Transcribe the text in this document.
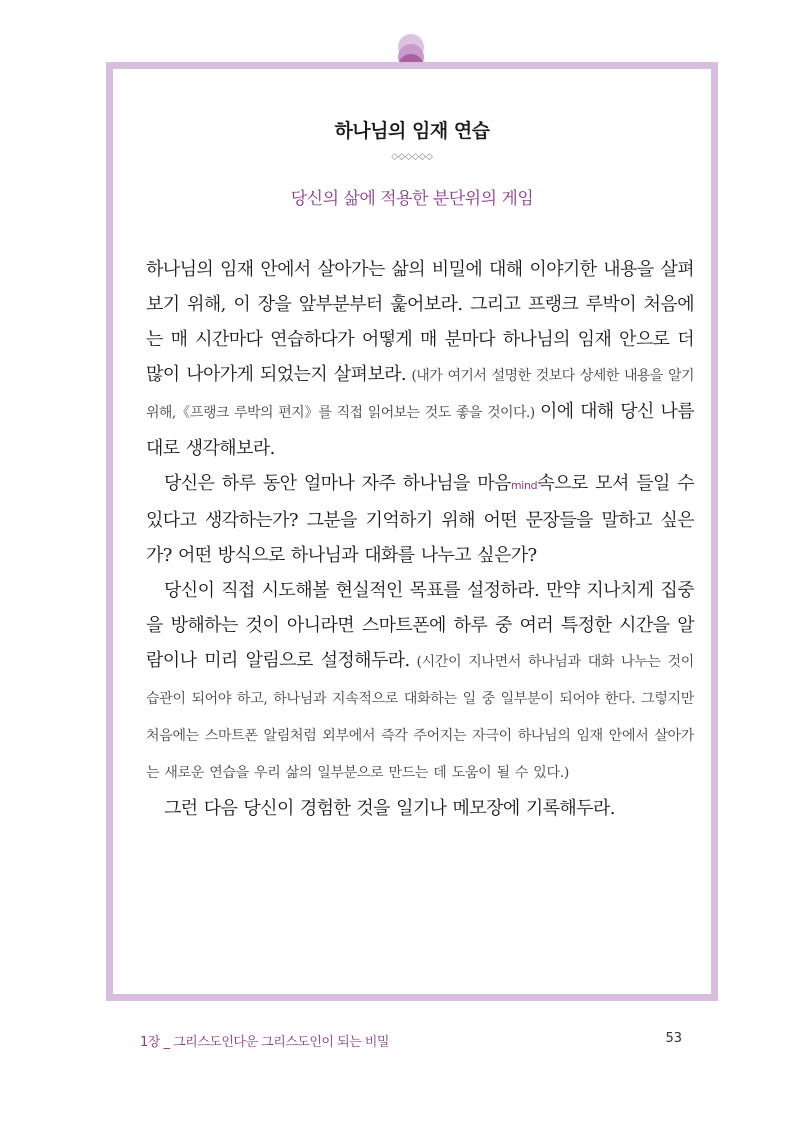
하나님의 임재 연습
◇◇◇◇◇◇
당신의 삶에 적용한 분단위의 게임

하나님의 임재 안에서 살아가는 삶의 비밀에 대해 이야기한 내용을 살펴보기 위해, 이 장을 앞부분부터 훑어보라. 그리고 프랭크 루박이 처음에는 매 시간마다 연습하다가 어떻게 매 분마다 하나님의 임재 안으로 더 많이 나아가게 되었는지 살펴보라. (내가 여기서 설명한 것보다 상세한 내용을 알기 위해,《프랭크 루박의 편지》를 직접 읽어보는 것도 좋을 것이다.) 이에 대해 당신 나름대로 생각해보라.

당신은 하루 동안 얼마나 자주 하나님을 마음mind속으로 모셔 들일 수 있다고 생각하는가? 그분을 기억하기 위해 어떤 문장들을 말하고 싶은가? 어떤 방식으로 하나님과 대화를 나누고 싶은가?

당신이 직접 시도해볼 현실적인 목표를 설정하라. 만약 지나치게 집중을 방해하는 것이 아니라면 스마트폰에 하루 중 여러 특정한 시간을 알람이나 미리 알림으로 설정해두라. (시간이 지나면서 하나님과 대화 나누는 것이 습관이 되어야 하고, 하나님과 지속적으로 대화하는 일 중 일부분이 되어야 한다. 그렇지만 처음에는 스마트폰 알림처럼 외부에서 즉각 주어지는 자극이 하나님의 임재 안에서 살아가는 새로운 연습을 우리 삶의 일부분으로 만드는 데 도움이 될 수 있다.)

그런 다음 당신이 경험한 것을 일기나 메모장에 기록해두라.

1장 _ 그리스도인다운 그리스도인이 되는 비밀	53
